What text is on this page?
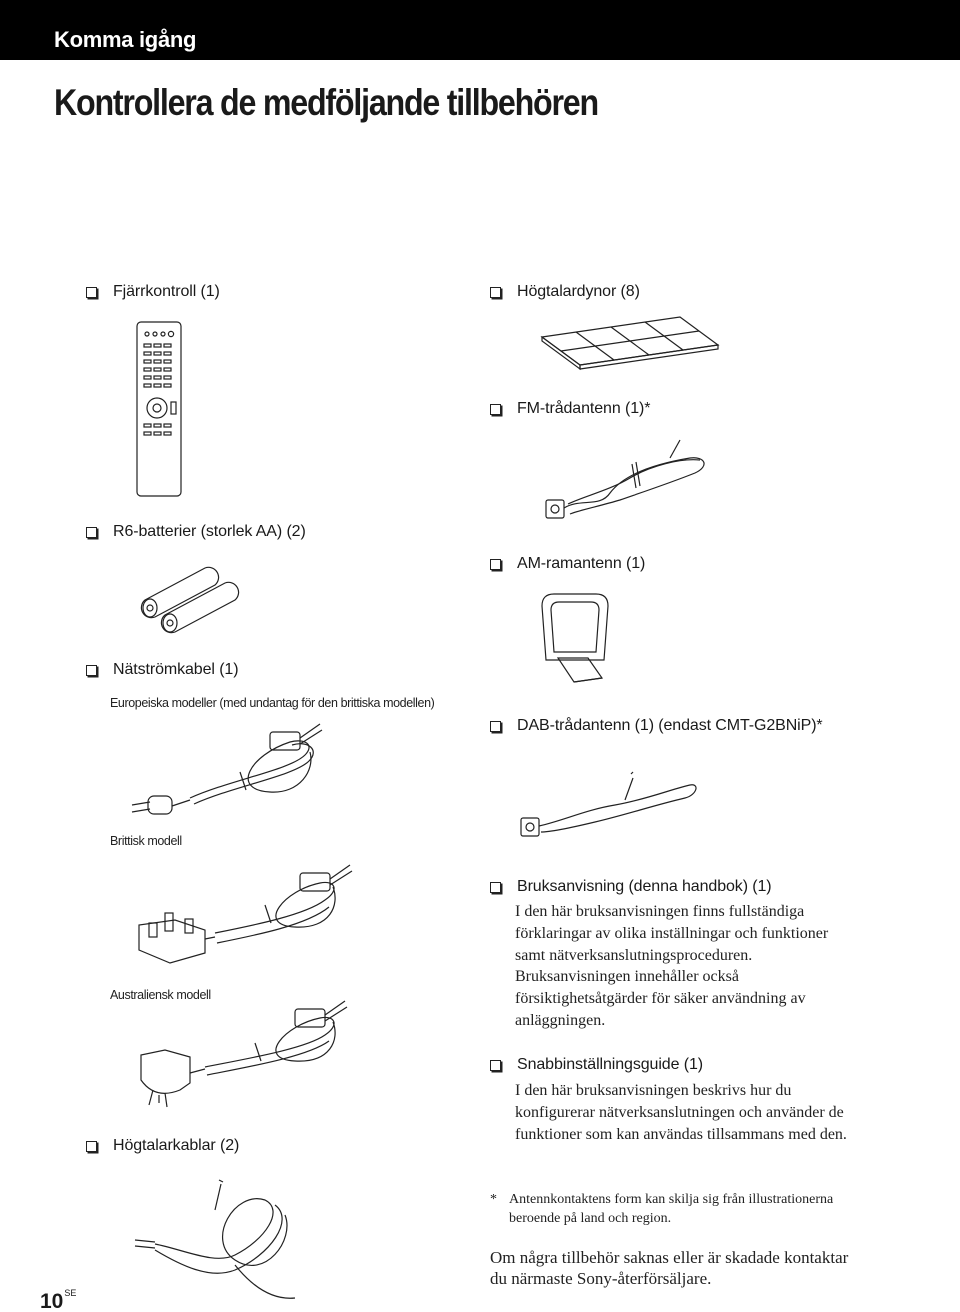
Komma igång
Kontrollera de medföljande tillbehören
Fjärrkontroll (1)
R6-batterier (storlek AA) (2)
Nätströmkabel (1)
Europeiska modeller (med undantag för den brittiska modellen)
Brittisk modell
Australiensk modell
Högtalarkablar (2)
Högtalardynor (8)
FM-trådantenn (1)*
AM-ramantenn (1)
DAB-trådantenn (1) (endast CMT-G2BNiP)*
Bruksanvisning (denna handbok) (1)
I den här bruksanvisningen finns fullständiga förklaringar av olika inställningar och funktioner samt nätverksanslutningsproceduren. Bruksanvisningen innehåller också försiktighetsåtgärder för säker användning av anläggningen.
Snabbinställningsguide (1)
I den här bruksanvisningen beskrivs hur du konfigurerar nätverksanslutningen och använder de funktioner som kan användas tillsammans med den.
* Antennkontaktens form kan skilja sig från illustrationerna beroende på land och region.
Om några tillbehör saknas eller är skadade kontaktar du närmaste Sony-återförsäljare.
$10^{SE}$
